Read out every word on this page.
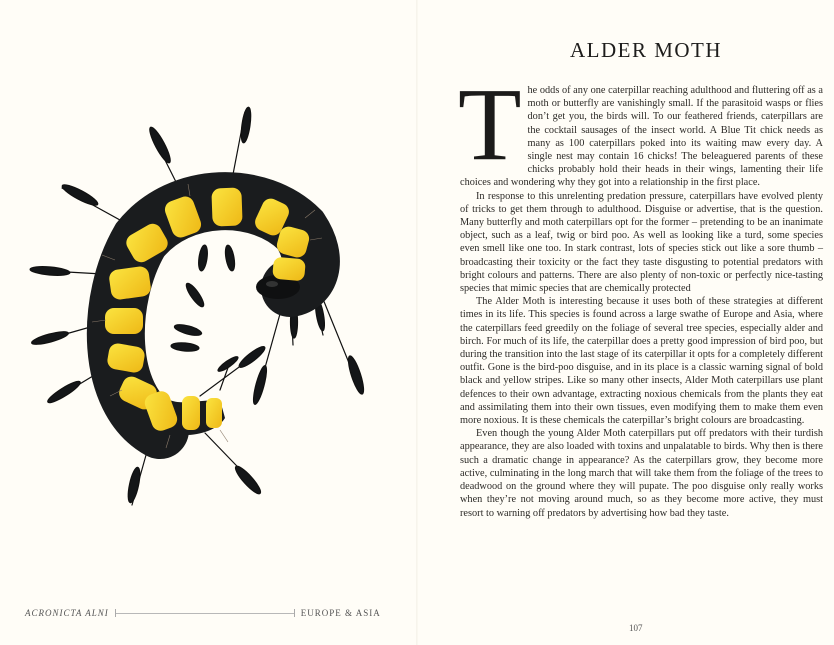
ACRONICTA ALNI	EUROPE & ASIA
ALDER MOTH

The odds of any one caterpillar reaching adulthood and fluttering off as a moth or butterfly are vanishingly small. If the parasitoid wasps or flies don’t get you, the birds will. To our feathered friends, caterpillars are the cocktail sausages of the insect world. A Blue Tit chick needs as many as 100 caterpillars poked into its waiting maw every day. A single nest may contain 16 chicks! The beleaguered parents of these chicks probably hold their heads in their wings, lamenting their life choices and wondering why they got into a relationship in the first place.

In response to this unrelenting predation pressure, caterpillars have evolved plenty of tricks to get them through to adulthood. Disguise or advertise, that is the question. Many butterfly and moth caterpillars opt for the former – pretending to be an inanimate object, such as a leaf, twig or bird poo. As well as looking like a turd, some species even smell like one too. In stark contrast, lots of species stick out like a sore thumb – broadcasting their toxicity or the fact they taste disgusting to potential predators with bright colours and patterns. There are also plenty of non-toxic or perfectly nice-tasting species that mimic species that are chemically protected

The Alder Moth is interesting because it uses both of these strategies at different times in its life. This species is found across a large swathe of Europe and Asia, where the caterpillars feed greedily on the foliage of several tree species, especially alder and birch. For much of its life, the caterpillar does a pretty good impression of bird poo, but during the transition into the last stage of its caterpillar it opts for a completely different outfit. Gone is the bird-poo disguise, and in its place is a classic warning signal of bold black and yellow stripes. Like so many other insects, Alder Moth caterpillars use plant defences to their own advantage, extracting noxious chemicals from the plants they eat and assimilating them into their own tissues, even modifying them to make them even more noxious. It is these chemicals the caterpillar’s bright colours are broadcasting.

Even though the young Alder Moth caterpillars put off predators with their turdish appearance, they are also loaded with toxins and unpalatable to birds. Why then is there such a dramatic change in appearance? As the caterpillars grow, they become more active, culminating in the long march that will take them from the foliage of the trees to deadwood on the ground where they will pupate. The poo disguise only really works when they’re not moving around much, so as they become more active, they must resort to warning off predators by advertising how bad they taste.

107
